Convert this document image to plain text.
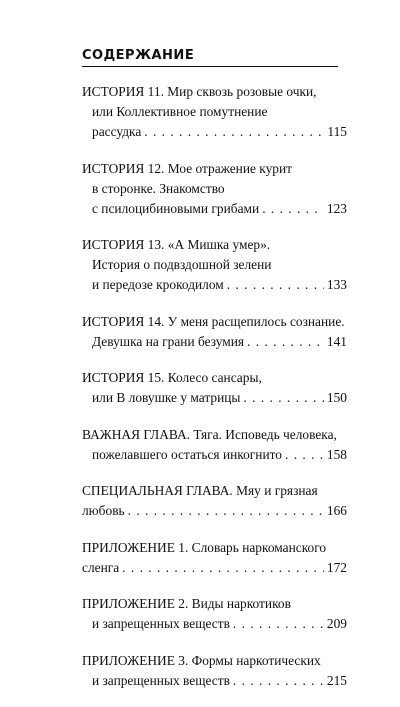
СОДЕРЖАНИЕ
ИСТОРИЯ 11. Мир сквозь розовые очки,
или Коллективное помутнение
рассудка . . .	115
ИСТОРИЯ 12. Мое отражение курит
в сторонке. Знакомство
с псилоцибиновыми грибами . . .	123
ИСТОРИЯ 13. «А Мишка умер».
История о подвздошной зелени
и передозе крокодилом . . .	133
ИСТОРИЯ 14. У меня расщепилось сознание.
Девушка на грани безумия . . .	141
ИСТОРИЯ 15. Колесо сансары,
или В ловушке у матрицы . . .	150
ВАЖНАЯ ГЛАВА. Тяга. Исповедь человека,
пожелавшего остаться инкогнито . . .	158
СПЕЦИАЛЬНАЯ ГЛАВА. Мяу и грязная
любовь . . .	166
ПРИЛОЖЕНИЕ 1. Словарь наркоманского
сленга . . .	172
ПРИЛОЖЕНИЕ 2. Виды наркотиков
и запрещенных веществ . . .	209
ПРИЛОЖЕНИЕ 3. Формы наркотических
и запрещенных веществ . . .	215
